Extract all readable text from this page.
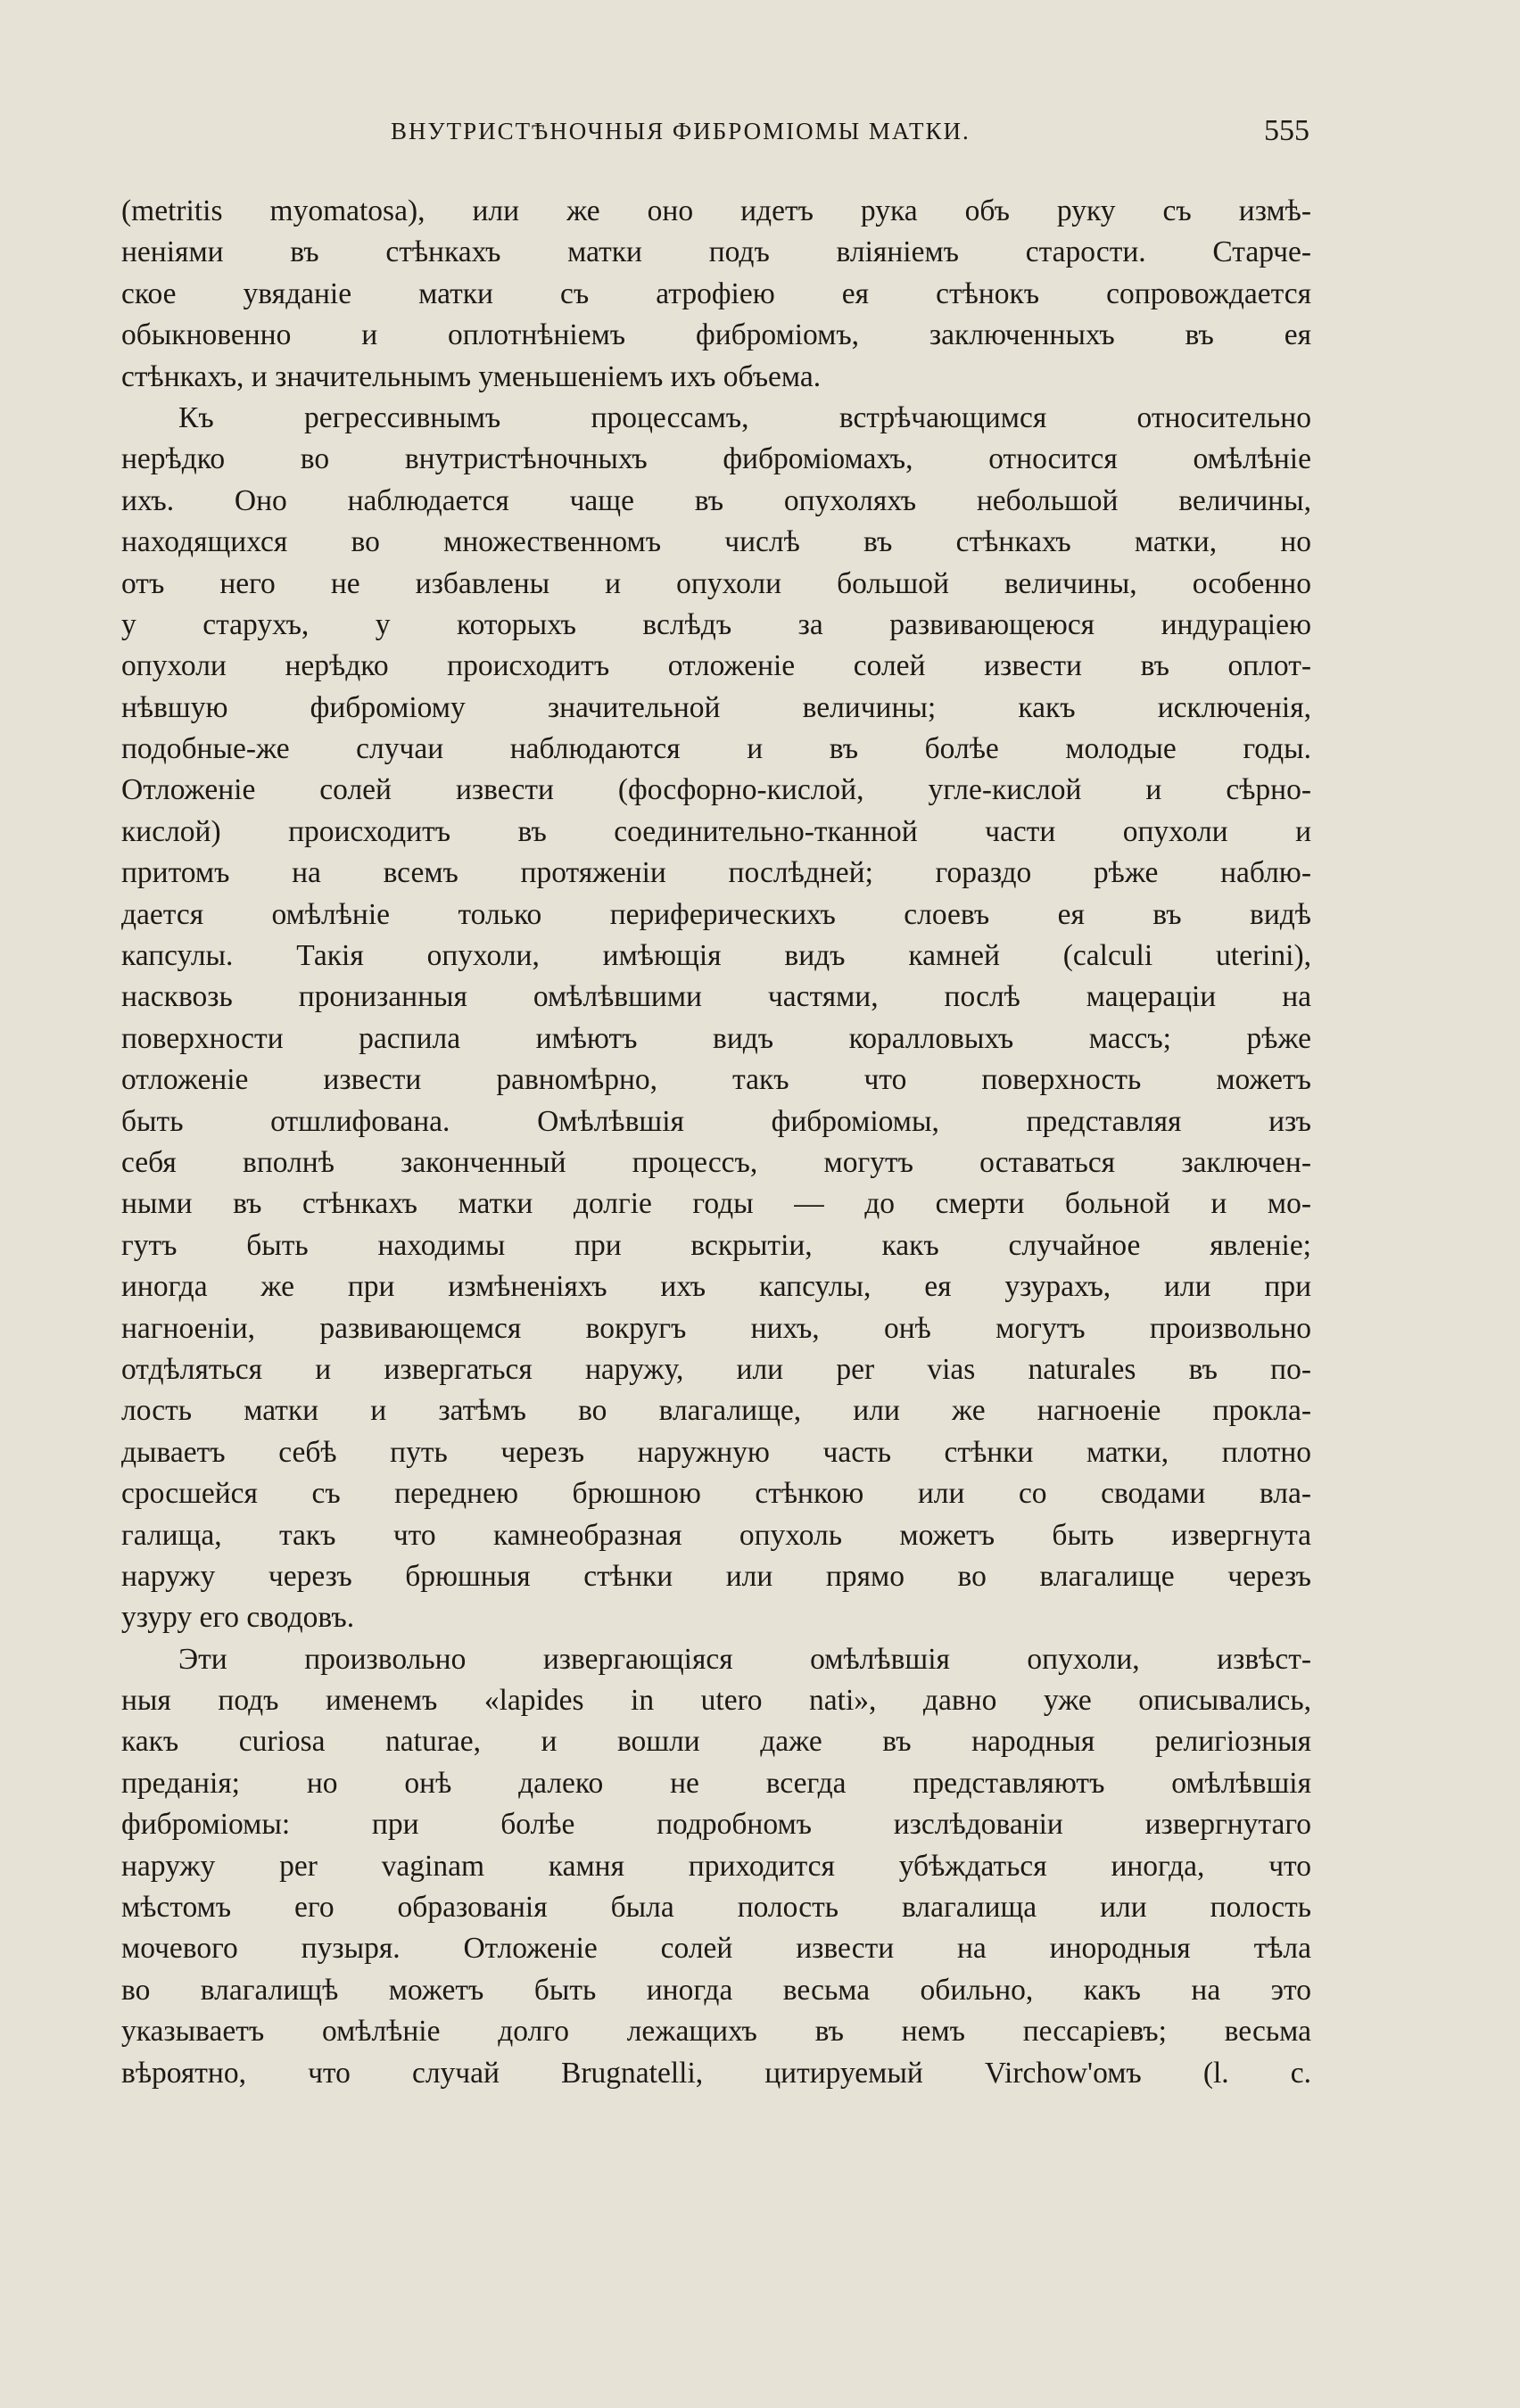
ВНУТРИСТѢНОЧНЫЯ ФИБРОМІОМЫ МАТКИ.	555
(metritis myomatosa), или же оно идетъ рука объ руку съ измѣ-
неніями въ стѣнкахъ матки подъ вліяніемъ старости. Старче-
ское увяданіе матки съ атрофіею ея стѣнокъ сопровождается
обыкновенно и оплотнѣніемъ фиброміомъ, заключенныхъ въ ея
стѣнкахъ, и значительнымъ уменьшеніемъ ихъ объема.
Къ регрессивнымъ процессамъ, встрѣчающимся относительно
нерѣдко во внутристѣночныхъ фиброміомахъ, относится омѣлѣніе
ихъ. Оно наблюдается чаще въ опухоляхъ небольшой величины,
находящихся во множественномъ числѣ въ стѣнкахъ матки, но
отъ него не избавлены и опухоли большой величины, особенно
у старухъ, у которыхъ вслѣдъ за развивающеюся индураціею
опухоли нерѣдко происходитъ отложеніе солей извести въ оплот-
нѣвшую фиброміому значительной величины; какъ исключенія,
подобные-же случаи наблюдаются и въ болѣе молодые годы.
Отложеніе солей извести (фосфорно-кислой, угле-кислой и сѣрно-
кислой) происходитъ въ соединительно-тканной части опухоли и
притомъ на всемъ протяженіи послѣдней; гораздо рѣже наблю-
дается омѣлѣніе только периферическихъ слоевъ ея въ видѣ
капсулы. Такія опухоли, имѣющія видъ камней (calculi uterini),
насквозь пронизанныя омѣлѣвшими частями, послѣ мацераціи на
поверхности распила имѣютъ видъ коралловыхъ массъ; рѣже
отложеніе извести равномѣрно, такъ что поверхность можетъ
быть отшлифована. Омѣлѣвшія фиброміомы, представляя изъ
себя вполнѣ законченный процессъ, могутъ оставаться заключен-
ными въ стѣнкахъ матки долгіе годы — до смерти больной и мо-
гутъ быть находимы при вскрытіи, какъ случайное явленіе;
иногда же при измѣненіяхъ ихъ капсулы, ея узурахъ, или при
нагноеніи, развивающемся вокругъ нихъ, онѣ могутъ произвольно
отдѣляться и извергаться наружу, или per vias naturales въ по-
лость матки и затѣмъ во влагалище, или же нагноеніе прокла-
дываетъ себѣ путь черезъ наружную часть стѣнки матки, плотно
сросшейся съ переднею брюшною стѣнкою или со сводами вла-
галища, такъ что камнеобразная опухоль можетъ быть извергнута
наружу черезъ брюшныя стѣнки или прямо во влагалище черезъ
узуру его сводовъ.
Эти произвольно извергающіяся омѣлѣвшія опухоли, извѣст-
ныя подъ именемъ «lapides in utero nati», давно уже описывались,
какъ curiosa naturae, и вошли даже въ народныя религіозныя
преданія; но онѣ далеко не всегда представляютъ омѣлѣвшія
фиброміомы: при болѣе подробномъ изслѣдованіи извергнутаго
наружу per vaginam камня приходится убѣждаться иногда, что
мѣстомъ его образованія была полость влагалища или полость
мочевого пузыря. Отложеніе солей извести на инородныя тѣла
во влагалищѣ можетъ быть иногда весьма обильно, какъ на это
указываетъ омѣлѣніе долго лежащихъ въ немъ пессаріевъ; весьма
вѣроятно, что случай Brugnatelli, цитируемый Virchow'омъ (l. c.
